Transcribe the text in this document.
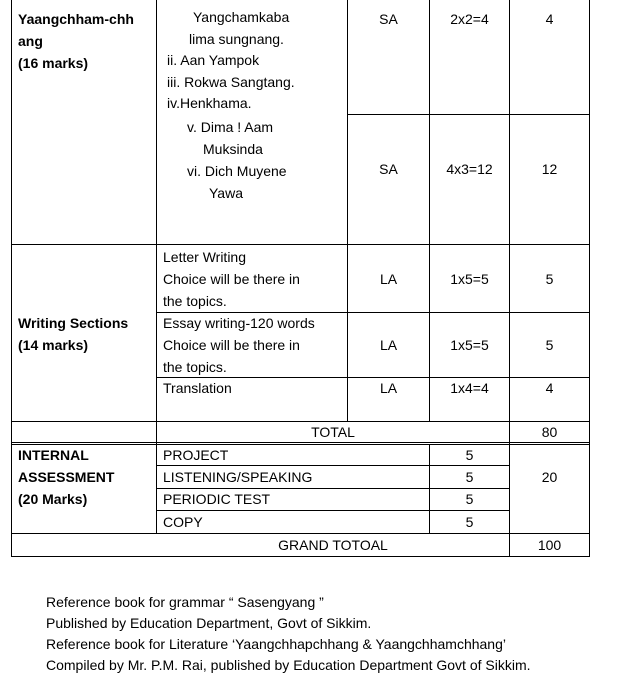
Yaangchham-chh
ang
(16 marks)
Yangchamkaba
lima sungnang.
ii. Aan Yampok
iii. Rokwa Sangtang.
iv.Henkhama.
SA	2x2=4	4
v. Dima ! Aam
Muksinda
vi. Dich Muyene
Yawa
SA	4x3=12	12
Writing Sections
(14 marks)
Letter Writing
Choice will be there in
the topics.
LA	1x5=5	5
Essay writing-120 words
Choice will be there in
the topics.
LA	1x5=5	5
Translation	LA	1x4=4	4
TOTAL	80
INTERNAL
ASSESSMENT
(20 Marks)
PROJECT	5
LISTENING/SPEAKING	5
PERIODIC TEST	5
COPY	5
20
GRAND TOTOAL	100
Reference book for grammar “ Sasengyang ”
Published by Education Department, Govt of Sikkim.
Reference book for Literature ‘Yaangchhapchhang & Yaangchhamchhang’
Compiled by Mr. P.M. Rai, published by Education Department Govt of Sikkim.
